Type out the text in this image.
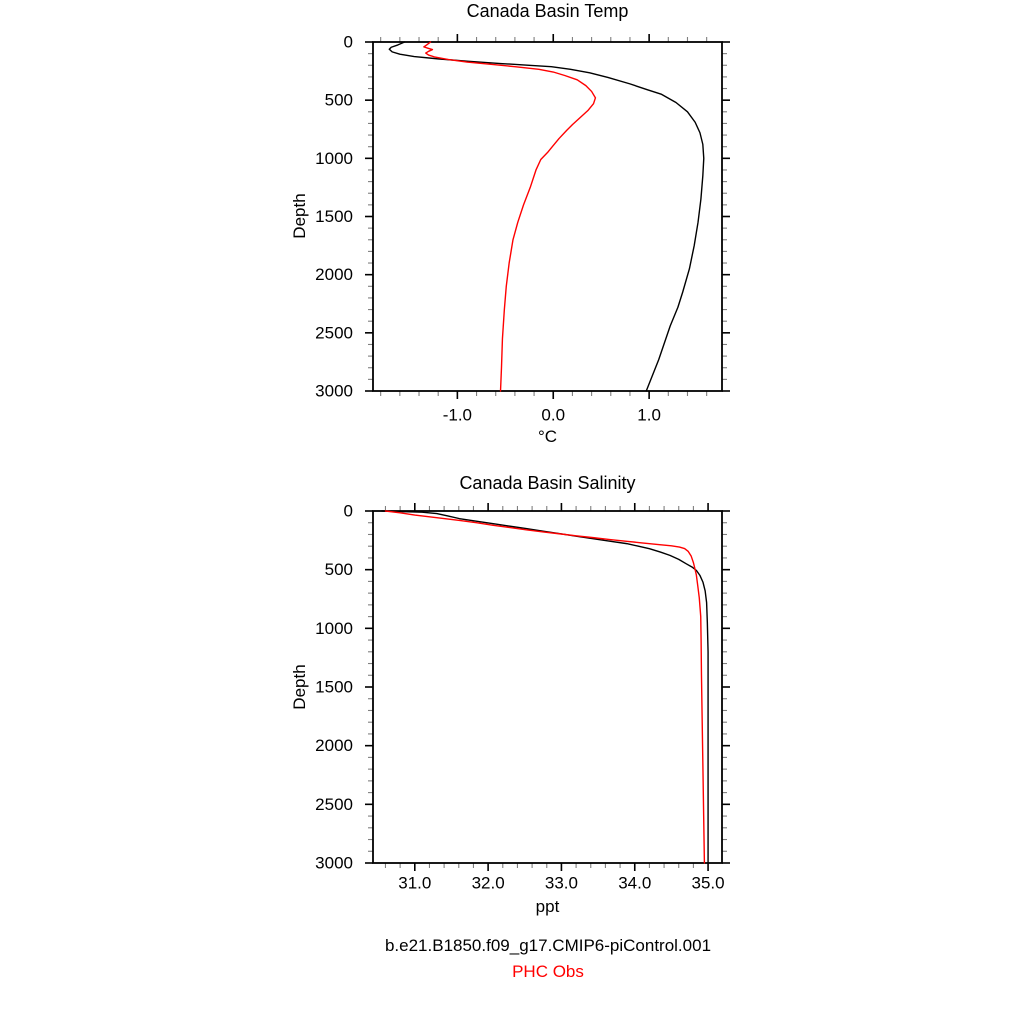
Canada Basin Temp
Depth
-1.0	0.0	1.0
0
500
1000
1500
2000
2500
3000
°C
Canada Basin Salinity
Depth
31.0 32.0 33.0 34.0 35.0
0
500
1000
1500
2000
2500
3000
ppt
b.e21.B1850.f09_g17.CMIP6-piControl.001
PHC Obs
